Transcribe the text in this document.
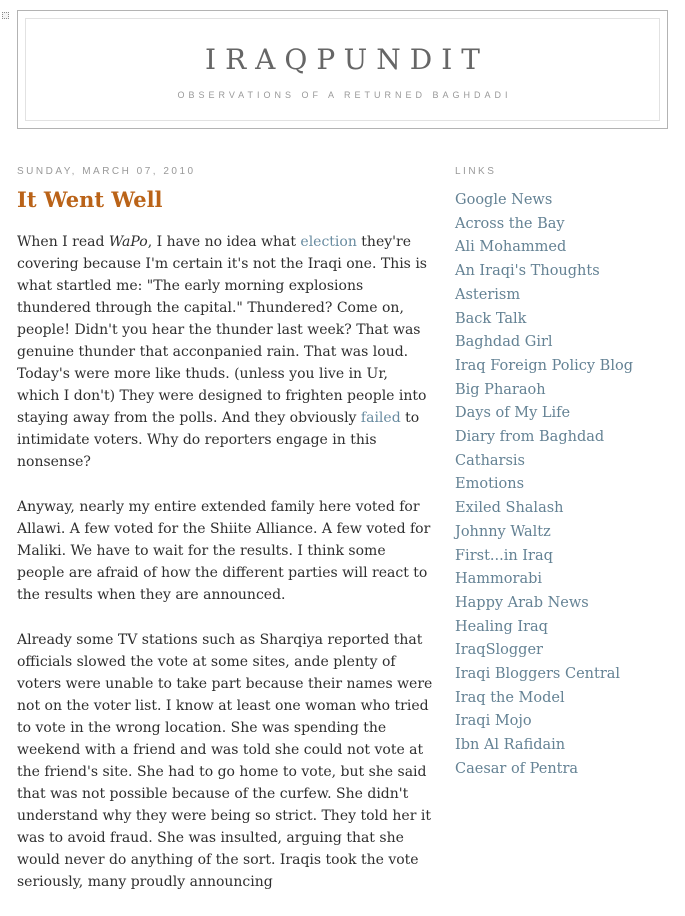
IRAQPUNDIT
OBSERVATIONS OF A RETURNED BAGHDADI
SUNDAY, MARCH 07, 2010
It Went Well

When I read WaPo, I have no idea what election they're covering because I'm certain it's not the Iraqi one. This is what startled me: "The early morning explosions thundered through the capital." Thundered? Come on, people! Didn't you hear the thunder last week? That was genuine thunder that acconpanied rain. That was loud. Today's were more like thuds. (unless you live in Ur, which I don't) They were designed to frighten people into staying away from the polls. And they obviously failed to intimidate voters. Why do reporters engage in this nonsense?

Anyway, nearly my entire extended family here voted for Allawi. A few voted for the Shiite Alliance. A few voted for Maliki. We have to wait for the results. I think some people are afraid of how the different parties will react to the results when they are announced.

Already some TV stations such as Sharqiya reported that officials slowed the vote at some sites, ande plenty of voters were unable to take part because their names were not on the voter list. I know at least one woman who tried to vote in the wrong location. She was spending the weekend with a friend and was told she could not vote at the friend's site. She had to go home to vote, but she said that was not possible because of the curfew. She didn't understand why they were being so strict. They told her it was to avoid fraud. She was insulted, arguing that she would never do anything of the sort. Iraqis took the vote seriously, many proudly announcing

LINKS
Google News
Across the Bay
Ali Mohammed
An Iraqi's Thoughts
Asterism
Back Talk
Baghdad Girl
Iraq Foreign Policy Blog
Big Pharaoh
Days of My Life
Diary from Baghdad
Catharsis
Emotions
Exiled Shalash
Johnny Waltz
First...in Iraq
Hammorabi
Happy Arab News
Healing Iraq
IraqSlogger
Iraqi Bloggers Central
Iraq the Model
Iraqi Mojo
Ibn Al Rafidain
Caesar of Pentra
